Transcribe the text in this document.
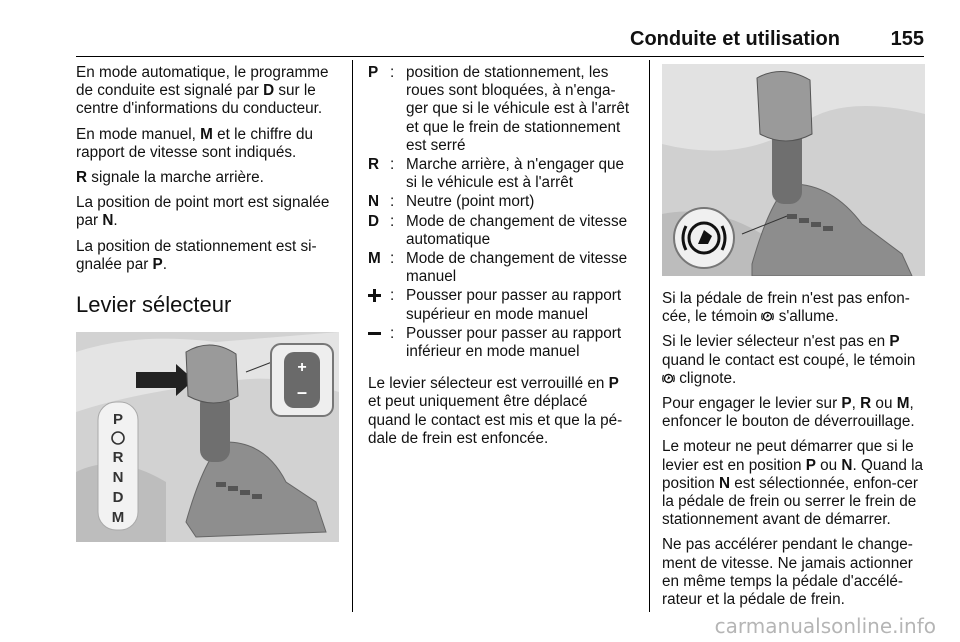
Conduite et utilisation	155

En mode automatique, le programme de conduite est signalé par D sur le centre d'informations du conducteur.

En mode manuel, M et le chiffre du rapport de vitesse sont indiqués.

R signale la marche arrière.

La position de point mort est signalée par N.

La position de stationnement est si-gnalée par P.

Levier sélecteur
P
R
N
D
M
+
–
P : position de stationnement, les roues sont bloquées, à n'enga-ger que si le véhicule est à l'arrêt et que le frein de stationnement est serré
R : Marche arrière, à n'engager que si le véhicule est à l'arrêt
N : Neutre (point mort)
D : Mode de changement de vitesse automatique
M : Mode de changement de vitesse manuel
: Pousser pour passer au rapport supérieur en mode manuel
: Pousser pour passer au rapport inférieur en mode manuel

Le levier sélecteur est verrouillé en P et peut uniquement être déplacé quand le contact est mis et que la pé-dale de frein est enfoncée.

Si la pédale de frein n'est pas enfon-cée, le témoin  s'allume.

Si le levier sélecteur n'est pas en P quand le contact est coupé, le témoin  clignote.

Pour engager le levier sur P, R ou M, enfoncer le bouton de déverrouillage.

Le moteur ne peut démarrer que si le levier est en position P ou N. Quand la position N est sélectionnée, enfon-cer la pédale de frein ou serrer le frein de stationnement avant de démarrer.

Ne pas accélérer pendant le change-ment de vitesse. Ne jamais actionner en même temps la pédale d'accélé-rateur et la pédale de frein.

carmanualsonline.info
